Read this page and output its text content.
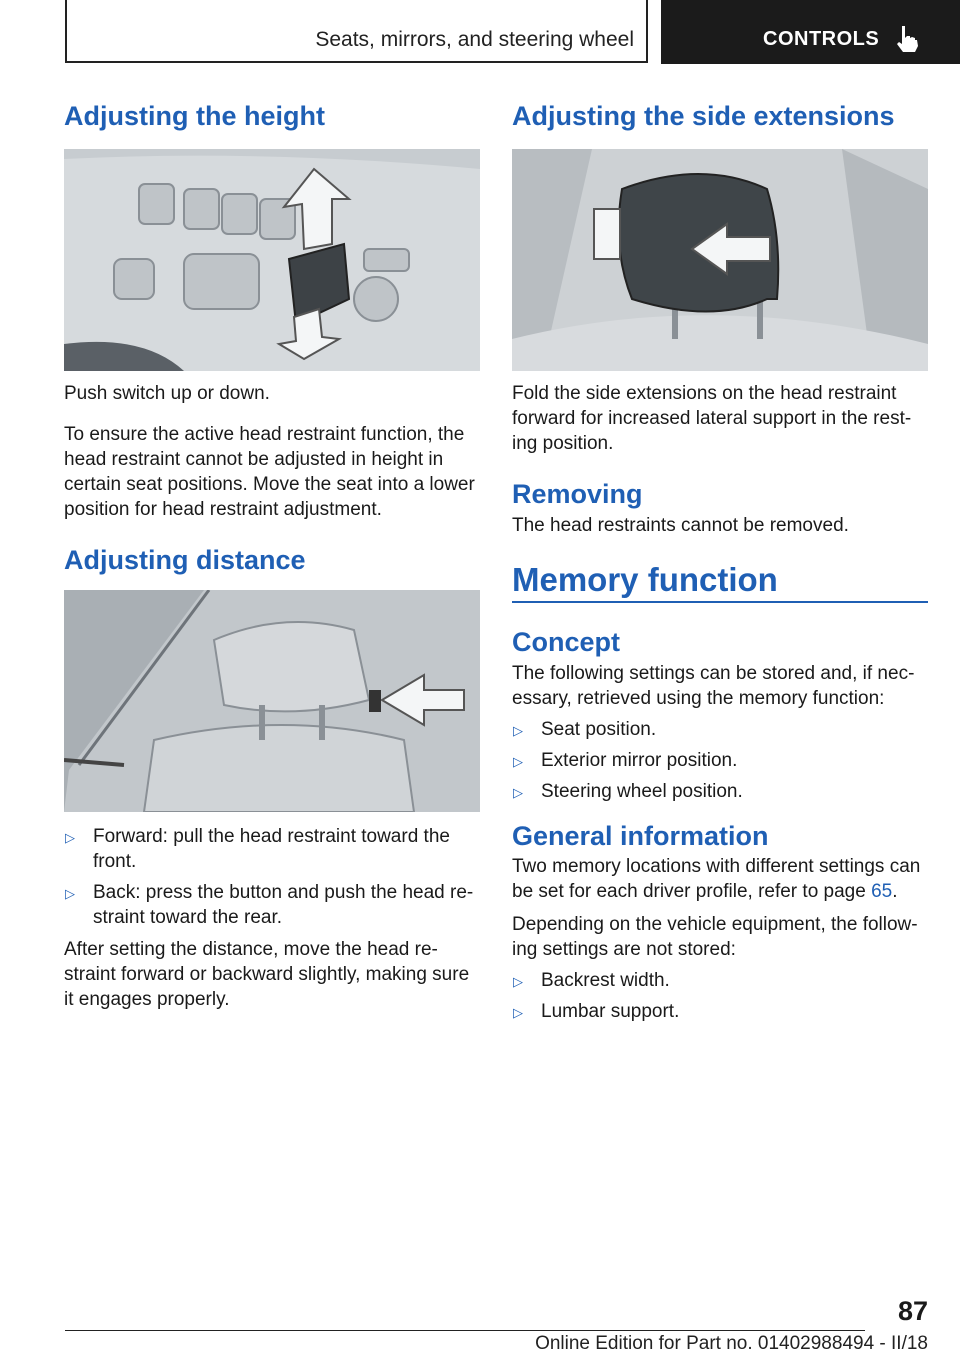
Seats, mirrors, and steering wheel	CONTROLS
Adjusting the height

Push switch up or down.

To ensure the active head restraint function, the head restraint cannot be adjusted in height in certain seat positions. Move the seat into a lower position for head restraint adjustment.

Adjusting distance
▷ Forward: pull the head restraint toward the front.
▷ Back: press the button and push the head re-straint toward the rear.

After setting the distance, move the head re-straint forward or backward slightly, making sure it engages properly.

Adjusting the side extensions

Fold the side extensions on the head restraint forward for increased lateral support in the rest-ing position.

Removing

The head restraints cannot be removed.

Memory function
Concept

The following settings can be stored and, if nec-essary, retrieved using the memory function:

▷ Seat position.
▷ Exterior mirror position.
▷ Steering wheel position.
General information

Two memory locations with different settings can be set for each driver profile, refer to page 65.

Depending on the vehicle equipment, the follow-ing settings are not stored:

▷ Backrest width.
▷ Lumbar support.
87
Online Edition for Part no. 01402988494 - II/18
